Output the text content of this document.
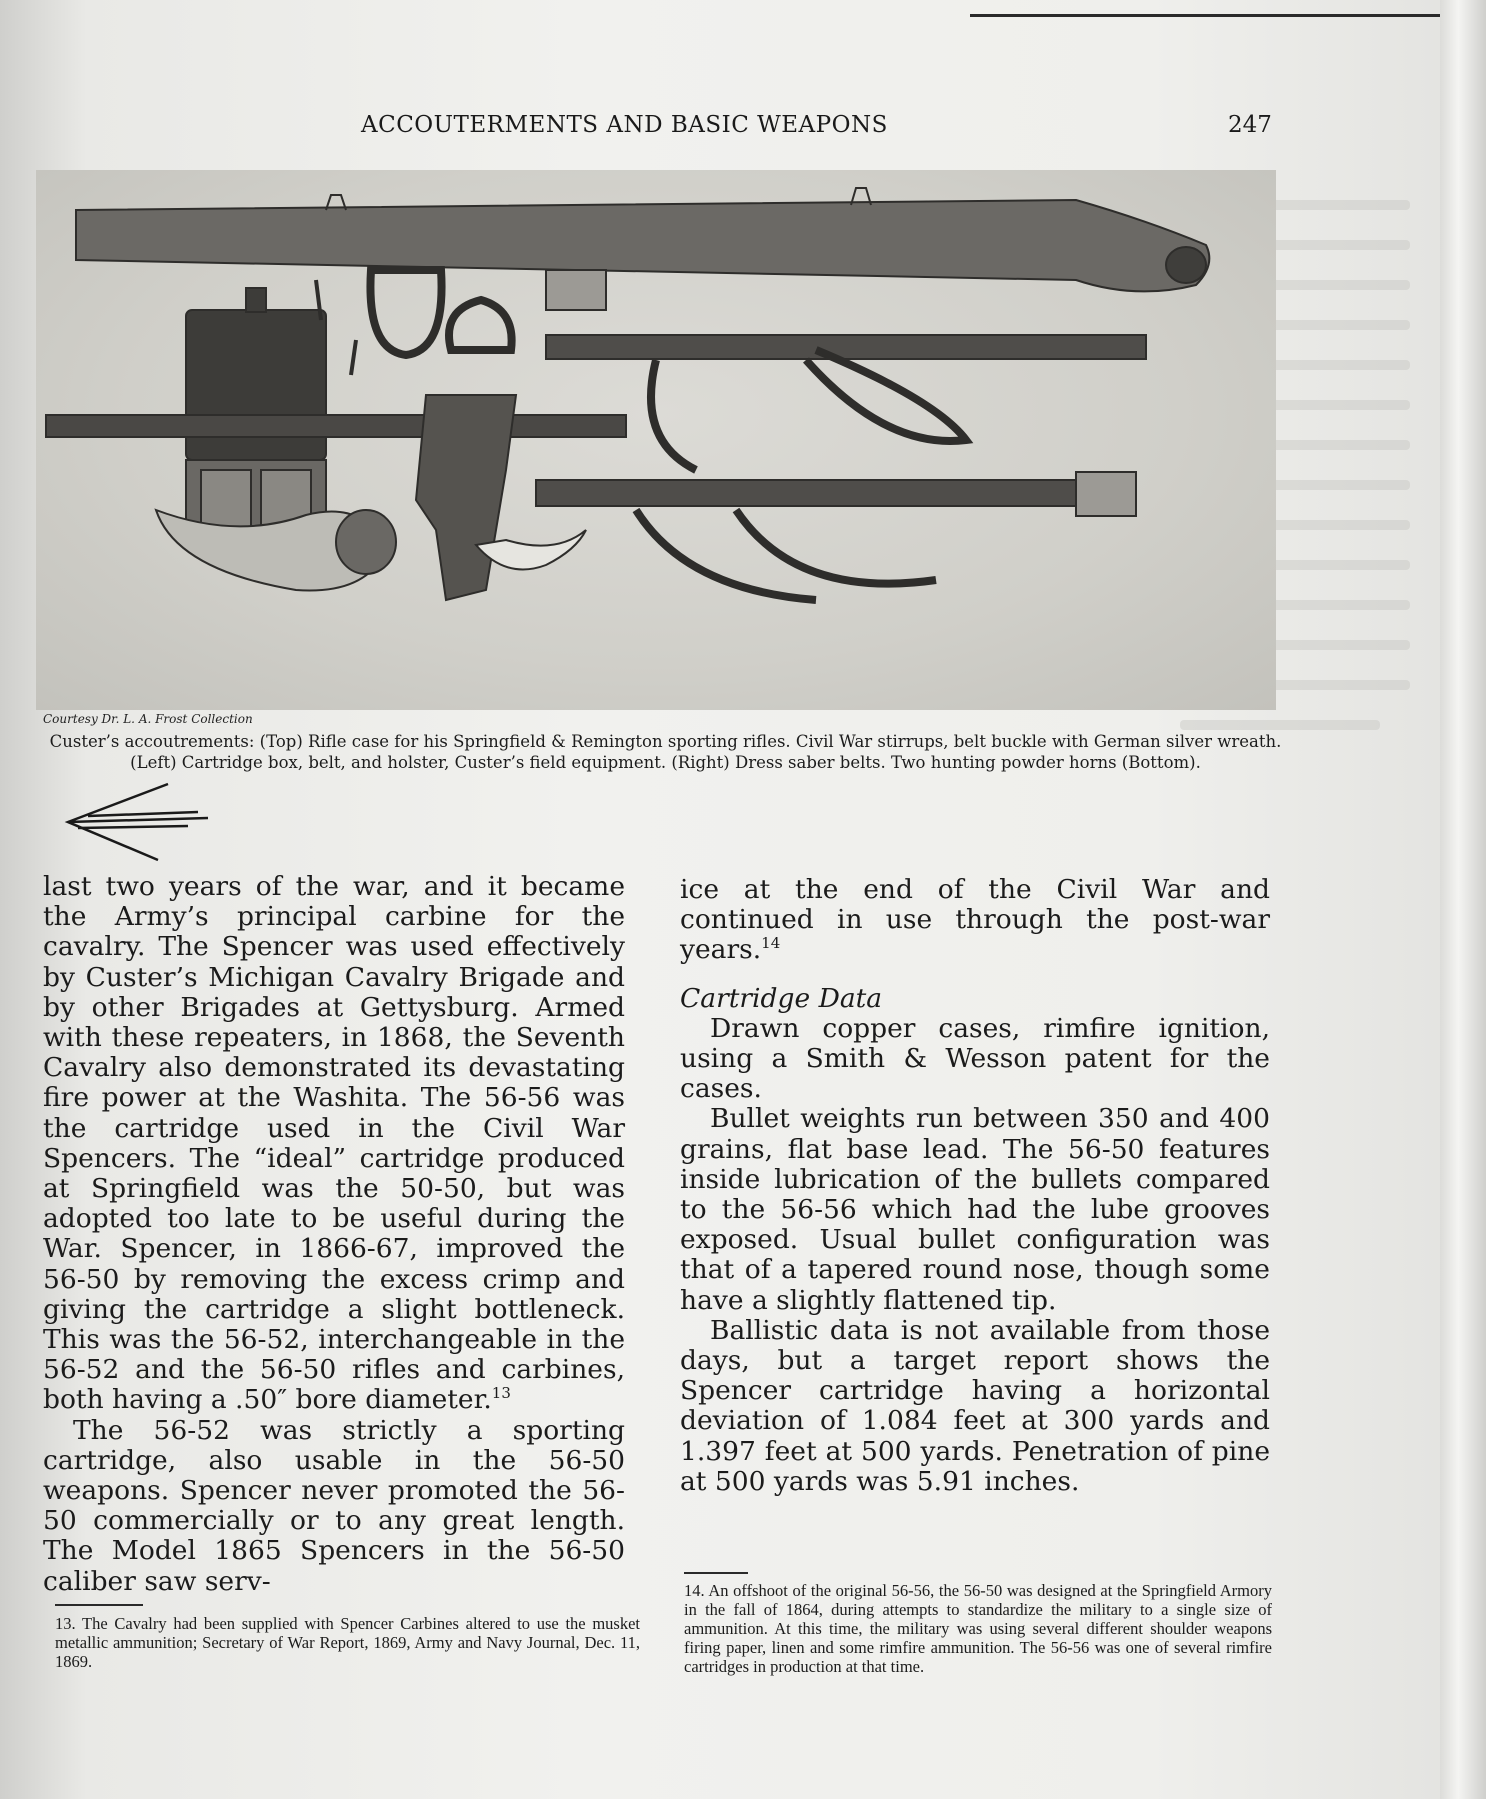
ACCOUTERMENTS AND BASIC WEAPONS	247
Courtesy Dr. L. A. Frost Collection
Custer’s accoutrements: (Top) Rifle case for his Springfield & Remington sporting rifles. Civil War stirrups, belt buckle with German silver wreath. (Left) Cartridge box, belt, and holster, Custer’s field equipment. (Right) Dress saber belts. Two hunting powder horns (Bottom).

last two years of the war, and it became the Army’s principal carbine for the cavalry. The Spencer was used effectively by Custer’s Michigan Cavalry Brigade and by other Brigades at Gettysburg. Armed with these repeaters, in 1868, the Seventh Cavalry also demonstrated its devastating fire power at the Washita. The 56-56 was the cartridge used in the Civil War Spencers. The “ideal” cartridge produced at Springfield was the 50-50, but was adopted too late to be useful during the War. Spencer, in 1866-67, improved the 56-50 by removing the excess crimp and giving the cartridge a slight bottleneck. This was the 56-52, interchangeable in the 56-52 and the 56-50 rifles and carbines, both having a .50″ bore diameter.$^{13}$

The 56-52 was strictly a sporting cartridge, also usable in the 56-50 weapons. Spencer never promoted the 56-50 commercially or to any great length. The Model 1865 Spencers in the 56-50 caliber saw serv-

ice at the end of the Civil War and continued in use through the post-war years.$^{14}$

Cartridge Data

Drawn copper cases, rimfire ignition, using a Smith & Wesson patent for the cases.

Bullet weights run between 350 and 400 grains, flat base lead. The 56-50 features inside lubrication of the bullets compared to the 56-56 which had the lube grooves exposed. Usual bullet configuration was that of a tapered round nose, though some have a slightly flattened tip.

Ballistic data is not available from those days, but a target report shows the Spencer cartridge having a horizontal deviation of 1.084 feet at 300 yards and 1.397 feet at 500 yards. Penetration of pine at 500 yards was 5.91 inches.

13. The Cavalry had been supplied with Spencer Carbines altered to use the musket metallic ammunition; Secretary of War Report, 1869, Army and Navy Journal, Dec. 11, 1869.
14. An offshoot of the original 56-56, the 56-50 was designed at the Springfield Armory in the fall of 1864, during attempts to standardize the military to a single size of ammunition. At this time, the military was using several different shoulder weapons firing paper, linen and some rimfire ammunition. The 56-56 was one of several rimfire cartridges in production at that time.
